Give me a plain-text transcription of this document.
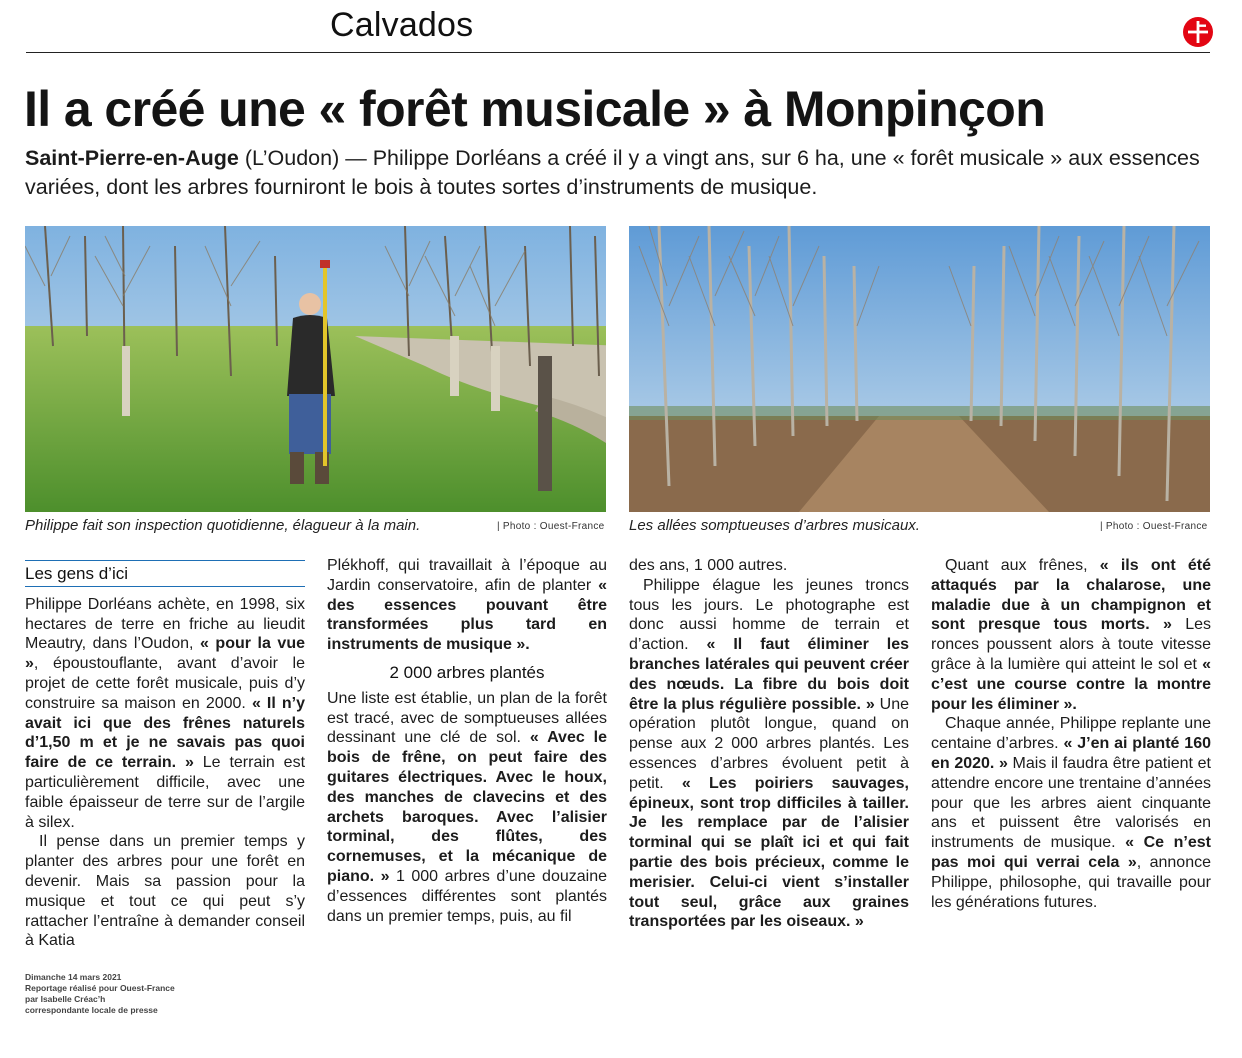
Calvados
Il a créé une « forêt musicale » à Monpinçon
Saint-Pierre-en-Auge (L’Oudon) — Philippe Dorléans a créé il y a vingt ans, sur 6 ha, une « forêt musicale » aux essences variées, dont les arbres fourniront le bois à toutes sortes d’instruments de musique.
Philippe fait son inspection quotidienne, élagueur à la main.	| Photo : Ouest-France Les allées somptueuses d’arbres musicaux.	| Photo : Ouest-France
Les gens d’ici

Philippe Dorléans achète, en 1998, six hectares de terre en friche au lieudit Meautry, dans l’Oudon, « pour la vue », époustouflante, avant d’avoir le projet de cette forêt musicale, puis d’y construire sa maison en 2000. « Il n’y avait ici que des frênes naturels d’1,50 m et je ne savais pas quoi faire de ce terrain. » Le terrain est particulièrement difficile, avec une faible épaisseur de terre sur de l’argile à silex.

Il pense dans un premier temps y planter des arbres pour une forêt en devenir. Mais sa passion pour la musique et tout ce qui peut s’y rattacher l’entraîne à demander conseil à Katia

Plékhoff, qui travaillait à l’époque au Jardin conservatoire, afin de planter « des essences pouvant être transformées plus tard en instruments de musique ».

2 000 arbres plantés

Une liste est établie, un plan de la forêt est tracé, avec de somptueuses allées dessinant une clé de sol. « Avec le bois de frêne, on peut faire des guitares électriques. Avec le houx, des manches de clavecins et des archets baroques. Avec l’alisier torminal, des flûtes, des cornemuses, et la mécanique de piano. » 1 000 arbres d’une douzaine d’essences différentes sont plantés dans un premier temps, puis, au fil

des ans, 1 000 autres.

Philippe élague les jeunes troncs tous les jours. Le photographe est donc aussi homme de terrain et d’action. « Il faut éliminer les branches latérales qui peuvent créer des nœuds. La fibre du bois doit être la plus régulière possible. » Une opération plutôt longue, quand on pense aux 2 000 arbres plantés. Les essences d’arbres évoluent petit à petit. « Les poiriers sauvages, épineux, sont trop difficiles à tailler. Je les remplace par de l’alisier torminal qui se plaît ici et qui fait partie des bois précieux, comme le merisier. Celui-ci vient s’installer tout seul, grâce aux graines transportées par les oiseaux. »

Quant aux frênes, « ils ont été attaqués par la chalarose, une maladie due à un champignon et sont presque tous morts. » Les ronces poussent alors à toute vitesse grâce à la lumière qui atteint le sol et « c’est une course contre la montre pour les éliminer ».

Chaque année, Philippe replante une centaine d’arbres. « J’en ai planté 160 en 2020. » Mais il faudra être patient et attendre encore une trentaine d’années pour que les arbres aient cinquante ans et puissent être valorisés en instruments de musique. « Ce n’est pas moi qui verrai cela », annonce Philippe, philosophe, qui travaille pour les générations futures.

Dimanche 14 mars 2021
Reportage réalisé pour Ouest-France
par Isabelle Créac’h
correspondante locale de presse
